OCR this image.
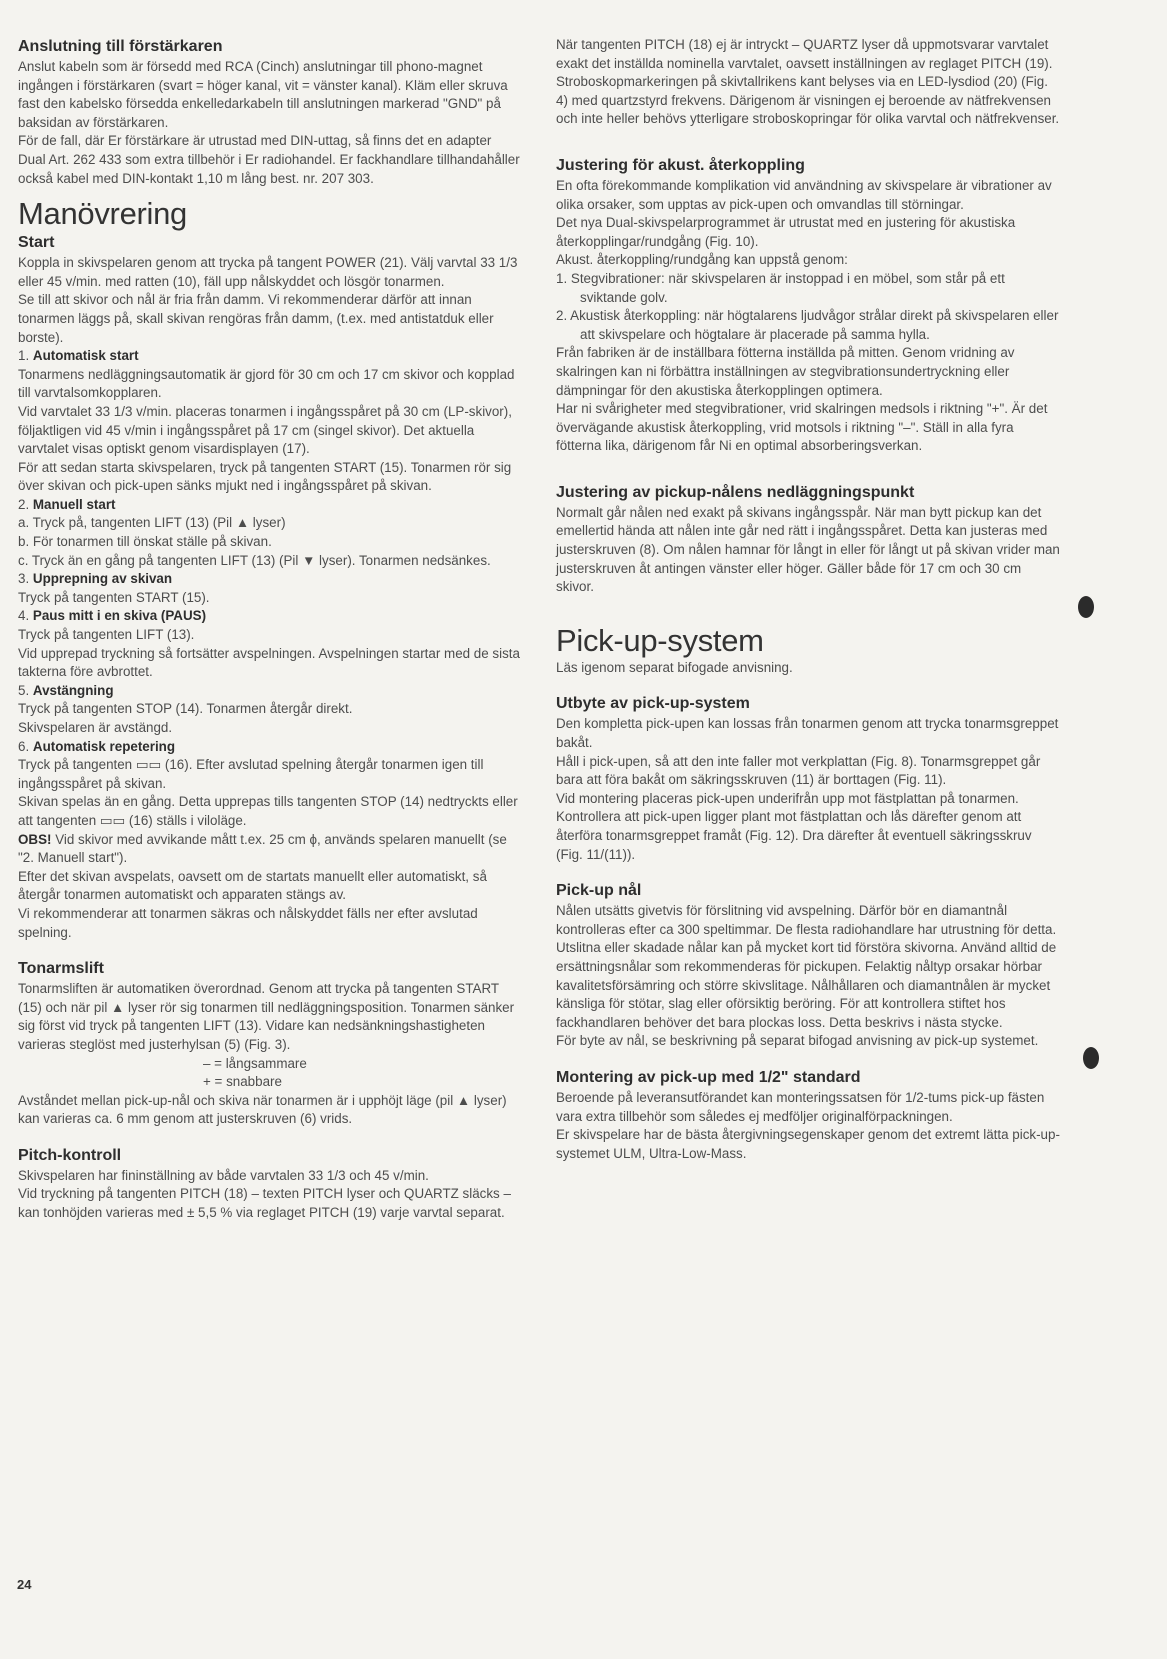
Anslutning till förstärkaren

Anslut kabeln som är försedd med RCA (Cinch) anslutningar till phono-magnet ingången i förstärkaren (svart = höger kanal, vit = vänster kanal). Kläm eller skruva fast den kabelsko försedda enkelledarkabeln till anslutningen markerad "GND" på baksidan av förstärkaren.

För de fall, där Er förstärkare är utrustad med DIN-uttag, så finns det en adapter Dual Art. 262 433 som extra tillbehör i Er radiohandel. Er fackhandlare tillhandahåller också kabel med DIN-kontakt 1,10 m lång best. nr. 207 303.

Manövrering

Start

Koppla in skivspelaren genom att trycka på tangent POWER (21). Välj varvtal 33 1/3 eller 45 v/min. med ratten (10), fäll upp nålskyddet och lösgör tonarmen.

Se till att skivor och nål är fria från damm. Vi rekommenderar därför att innan tonarmen läggs på, skall skivan rengöras från damm, (t.ex. med antistatduk eller borste).

1. Automatisk start

Tonarmens nedläggningsautomatik är gjord för 30 cm och 17 cm skivor och kopplad till varvtalsomkopplaren.

Vid varvtalet 33 1/3 v/min. placeras tonarmen i ingångsspåret på 30 cm (LP-skivor), följaktligen vid 45 v/min i ingångsspåret på 17 cm (singel skivor). Det aktuella varvtalet visas optiskt genom visardisplayen (17).

För att sedan starta skivspelaren, tryck på tangenten START (15). Tonarmen rör sig över skivan och pick-upen sänks mjukt ned i ingångsspåret på skivan.

2. Manuell start

a. Tryck på, tangenten LIFT (13) (Pil ▲ lyser)

b. För tonarmen till önskat ställe på skivan.

c. Tryck än en gång på tangenten LIFT (13) (Pil ▼ lyser). Tonarmen nedsänkes.

3. Upprepning av skivan

Tryck på tangenten START (15).

4. Paus mitt i en skiva (PAUS)

Tryck på tangenten LIFT (13).

Vid upprepad tryckning så fortsätter avspelningen. Avspelningen startar med de sista takterna före avbrottet.

5. Avstängning

Tryck på tangenten STOP (14). Tonarmen återgår direkt.

Skivspelaren är avstängd.

6. Automatisk repetering

Tryck på tangenten ▭▭ (16). Efter avslutad spelning återgår tonarmen igen till ingångsspåret på skivan.

Skivan spelas än en gång. Detta upprepas tills tangenten STOP (14) nedtryckts eller att tangenten ▭▭ (16) ställs i viloläge.

OBS! Vid skivor med avvikande mått t.ex. 25 cm ϕ, används spelaren manuellt (se "2. Manuell start").

Efter det skivan avspelats, oavsett om de startats manuellt eller automatiskt, så återgår tonarmen automatiskt och apparaten stängs av.

Vi rekommenderar att tonarmen säkras och nålskyddet fälls ner efter avslutad spelning.

Tonarmslift

Tonarmsliften är automatiken överordnad. Genom att trycka på tangenten START (15) och när pil ▲ lyser rör sig tonarmen till nedläggningsposition. Tonarmen sänker sig först vid tryck på tangenten LIFT (13). Vidare kan nedsänkningshastigheten varieras steglöst med justerhylsan (5) (Fig. 3).

– = långsammare

+ = snabbare

Avståndet mellan pick-up-nål och skiva när tonarmen är i upphöjt läge (pil ▲ lyser) kan varieras ca. 6 mm genom att justerskruven (6) vrids.

Pitch-kontroll

Skivspelaren har fininställning av både varvtalen 33 1/3 och 45 v/min.

Vid tryckning på tangenten PITCH (18) – texten PITCH lyser och QUARTZ släcks – kan tonhöjden varieras med ± 5,5 % via reglaget PITCH (19) varje varvtal separat.

24

När tangenten PITCH (18) ej är intryckt – QUARTZ lyser då uppmotsvarar varvtalet exakt det inställda nominella varvtalet, oavsett inställningen av reglaget PITCH (19).

Stroboskopmarkeringen på skivtallrikens kant belyses via en LED-lysdiod (20) (Fig. 4) med quartzstyrd frekvens. Därigenom är visningen ej beroende av nätfrekvensen och inte heller behövs ytterligare stroboskopringar för olika varvtal och nätfrekvenser.

Justering för akust. återkoppling

En ofta förekommande komplikation vid användning av skivspelare är vibrationer av olika orsaker, som upptas av pick-upen och omvandlas till störningar.

Det nya Dual-skivspelarprogrammet är utrustat med en justering för akustiska återkopplingar/rundgång (Fig. 10).

Akust. återkoppling/rundgång kan uppstå genom:

1. Stegvibrationer: när skivspelaren är instoppad i en möbel, som står på ett sviktande golv.

2. Akustisk återkoppling: när högtalarens ljudvågor strålar direkt på skivspelaren eller att skivspelare och högtalare är placerade på samma hylla.

Från fabriken är de inställbara fötterna inställda på mitten. Genom vridning av skalringen kan ni förbättra inställningen av stegvibrationsundertryckning eller dämpningar för den akustiska återkopplingen optimera.

Har ni svårigheter med stegvibrationer, vrid skalringen medsols i riktning "+". Är det övervägande akustisk återkoppling, vrid motsols i riktning "–". Ställ in alla fyra fötterna lika, därigenom får Ni en optimal absorberingsverkan.

Justering av pickup-nålens nedläggningspunkt

Normalt går nålen ned exakt på skivans ingångsspår. När man bytt pickup kan det emellertid hända att nålen inte går ned rätt i ingångsspåret. Detta kan justeras med justerskruven (8). Om nålen hamnar för långt in eller för långt ut på skivan vrider man justerskruven åt antingen vänster eller höger. Gäller både för 17 cm och 30 cm skivor.

Pick-up-system

Läs igenom separat bifogade anvisning.

Utbyte av pick-up-system

Den kompletta pick-upen kan lossas från tonarmen genom att trycka tonarmsgreppet bakåt.

Håll i pick-upen, så att den inte faller mot verkplattan (Fig. 8). Tonarmsgreppet går bara att föra bakåt om säkringsskruven (11) är borttagen (Fig. 11).

Vid montering placeras pick-upen underifrån upp mot fästplattan på tonarmen. Kontrollera att pick-upen ligger plant mot fästplattan och lås därefter genom att återföra tonarmsgreppet framåt (Fig. 12). Dra därefter åt eventuell säkringsskruv (Fig. 11/(11)).

Pick-up nål

Nålen utsätts givetvis för förslitning vid avspelning. Därför bör en diamantnål kontrolleras efter ca 300 speltimmar. De flesta radiohandlare har utrustning för detta. Utslitna eller skadade nålar kan på mycket kort tid förstöra skivorna. Använd alltid de ersättningsnålar som rekommenderas för pickupen. Felaktig nåltyp orsakar hörbar kavalitetsförsämring och större skivslitage. Nålhållaren och diamantnålen är mycket känsliga för stötar, slag eller oförsiktig beröring. För att kontrollera stiftet hos fackhandlaren behöver det bara plockas loss. Detta beskrivs i nästa stycke.

För byte av nål, se beskrivning på separat bifogad anvisning av pick-up systemet.

Montering av pick-up med 1/2" standard

Beroende på leveransutförandet kan monteringssatsen för 1/2-tums pick-up fästen vara extra tillbehör som således ej medföljer originalförpackningen.

Er skivspelare har de bästa återgivningsegenskaper genom det extremt lätta pick-up-systemet ULM, Ultra-Low-Mass.
